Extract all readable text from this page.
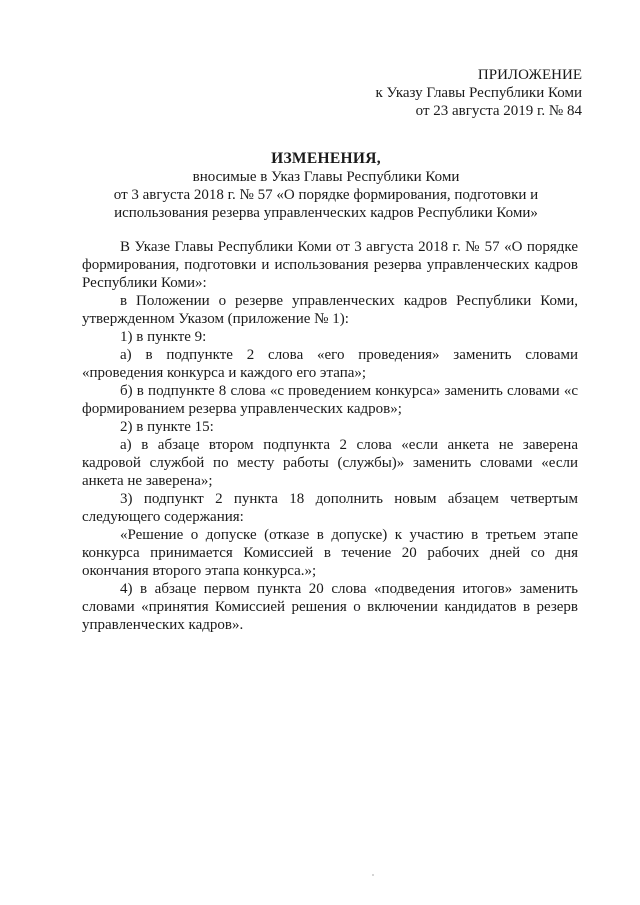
ПРИЛОЖЕНИЕ
к Указу Главы Республики Коми
от 23 августа 2019 г. № 84
ИЗМЕНЕНИЯ,
вносимые в Указ Главы Республики Коми
от 3 августа 2018 г. № 57 «О порядке формирования, подготовки и
использования резерва управленческих кадров Республики Коми»

В Указе Главы Республики Коми от 3 августа 2018 г. № 57 «О порядке формирования, подготовки и использования резерва управленческих кадров Республики Коми»:

в Положении о резерве управленческих кадров Республики Коми, утвержденном Указом (приложение № 1):

1) в пункте 9:

а) в подпункте 2 слова «его проведения» заменить словами «проведения конкурса и каждого его этапа»;

б) в подпункте 8 слова «с проведением конкурса» заменить словами «с формированием резерва управленческих кадров»;

2) в пункте 15:

а) в абзаце втором подпункта 2 слова «если анкета не заверена кадровой службой по месту работы (службы)» заменить словами «если анкета не заверена»;

3) подпункт 2 пункта 18 дополнить новым абзацем четвертым следующего содержания:

«Решение о допуске (отказе в допуске) к участию в третьем этапе конкурса принимается Комиссией в течение 20 рабочих дней со дня окончания второго этапа конкурса.»;

4) в абзаце первом пункта 20 слова «подведения итогов» заменить словами «принятия Комиссией решения о включении кандидатов в резерв управленческих кадров».
